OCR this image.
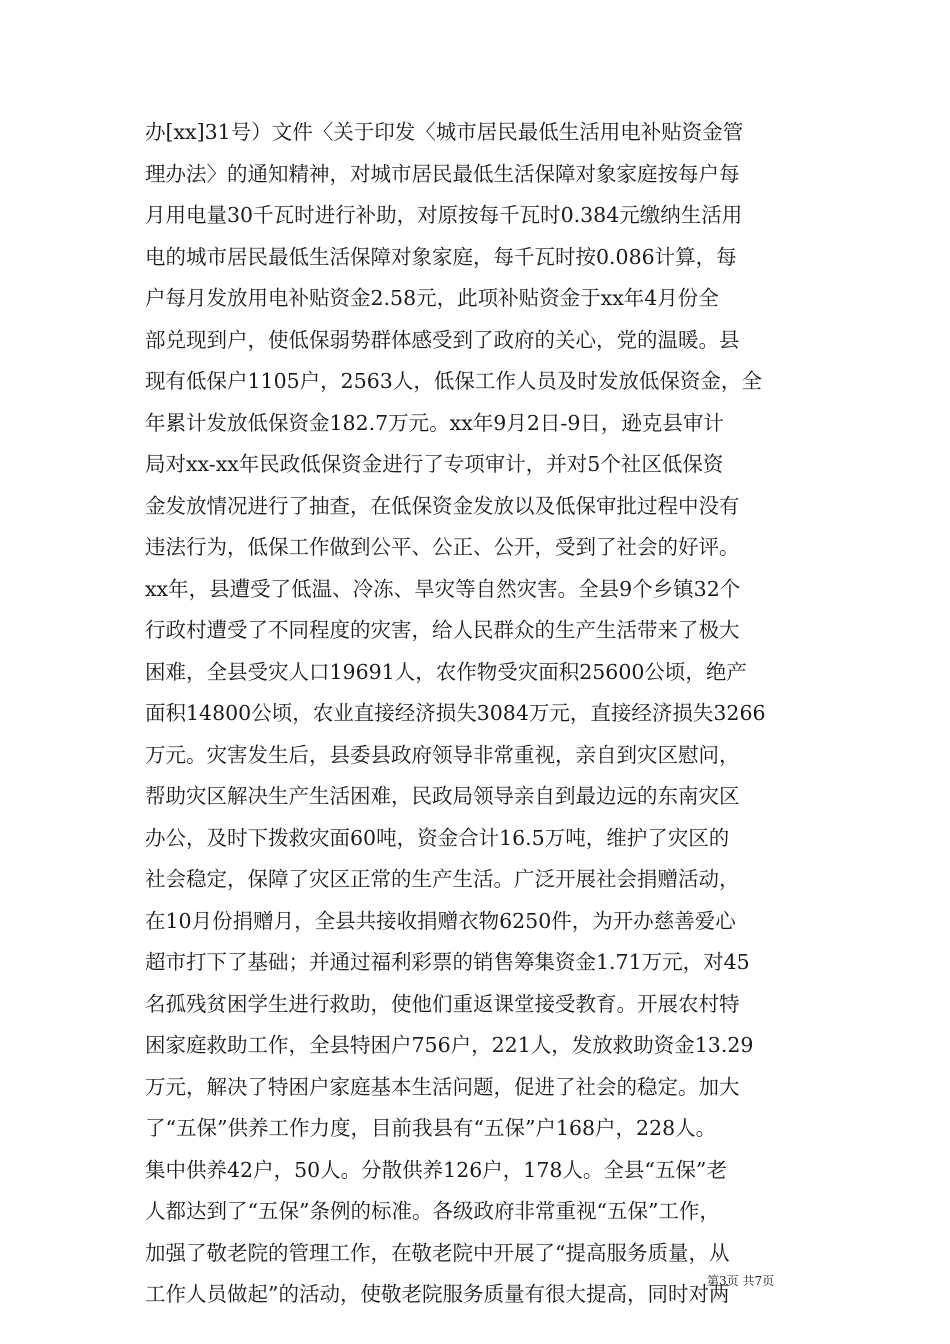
办[xx]31号）文件〈关于印发〈城市居民最低生活用电补贴资金管
理办法〉的通知精神，对城市居民最低生活保障对象家庭按每户每
月用电量30千瓦时进行补助，对原按每千瓦时0.384元缴纳生活用
电的城市居民最低生活保障对象家庭，每千瓦时按0.086计算，每
户每月发放用电补贴资金2.58元，此项补贴资金于xx年4月份全
部兑现到户，使低保弱势群体感受到了政府的关心，党的温暖。县
现有低保户1105户，2563人，低保工作人员及时发放低保资金，全
年累计发放低保资金182.7万元。xx年9月2日-9日，逊克县审计
局对xx-xx年民政低保资金进行了专项审计，并对5个社区低保资
金发放情况进行了抽查，在低保资金发放以及低保审批过程中没有
违法行为，低保工作做到公平、公正、公开，受到了社会的好评。
xx年，县遭受了低温、冷冻、旱灾等自然灾害。全县9个乡镇32个
行政村遭受了不同程度的灾害，给人民群众的生产生活带来了极大
困难，全县受灾人口19691人，农作物受灾面积25600公顷，绝产
面积14800公顷，农业直接经济损失3084万元，直接经济损失3266
万元。灾害发生后，县委县政府领导非常重视，亲自到灾区慰问，
帮助灾区解决生产生活困难，民政局领导亲自到最边远的东南灾区
办公，及时下拨救灾面60吨，资金合计16.5万吨，维护了灾区的
社会稳定，保障了灾区正常的生产生活。广泛开展社会捐赠活动，
在10月份捐赠月，全县共接收捐赠衣物6250件，为开办慈善爱心
超市打下了基础；并通过福利彩票的销售筹集资金1.71万元，对45
名孤残贫困学生进行救助，使他们重返课堂接受教育。开展农村特
困家庭救助工作，全县特困户756户，221人，发放救助资金13.29
万元，解决了特困户家庭基本生活问题，促进了社会的稳定。加大
了“五保”供养工作力度，目前我县有“五保”户168户，228人。
集中供养42户，50人。分散供养126户，178人。全县“五保”老
人都达到了“五保”条例的标准。各级政府非常重视“五保”工作，
加强了敬老院的管理工作，在敬老院中开展了“提高服务质量，从
工作人员做起”的活动，使敬老院服务质量有很大提高，同时对两
第3页 共7页
